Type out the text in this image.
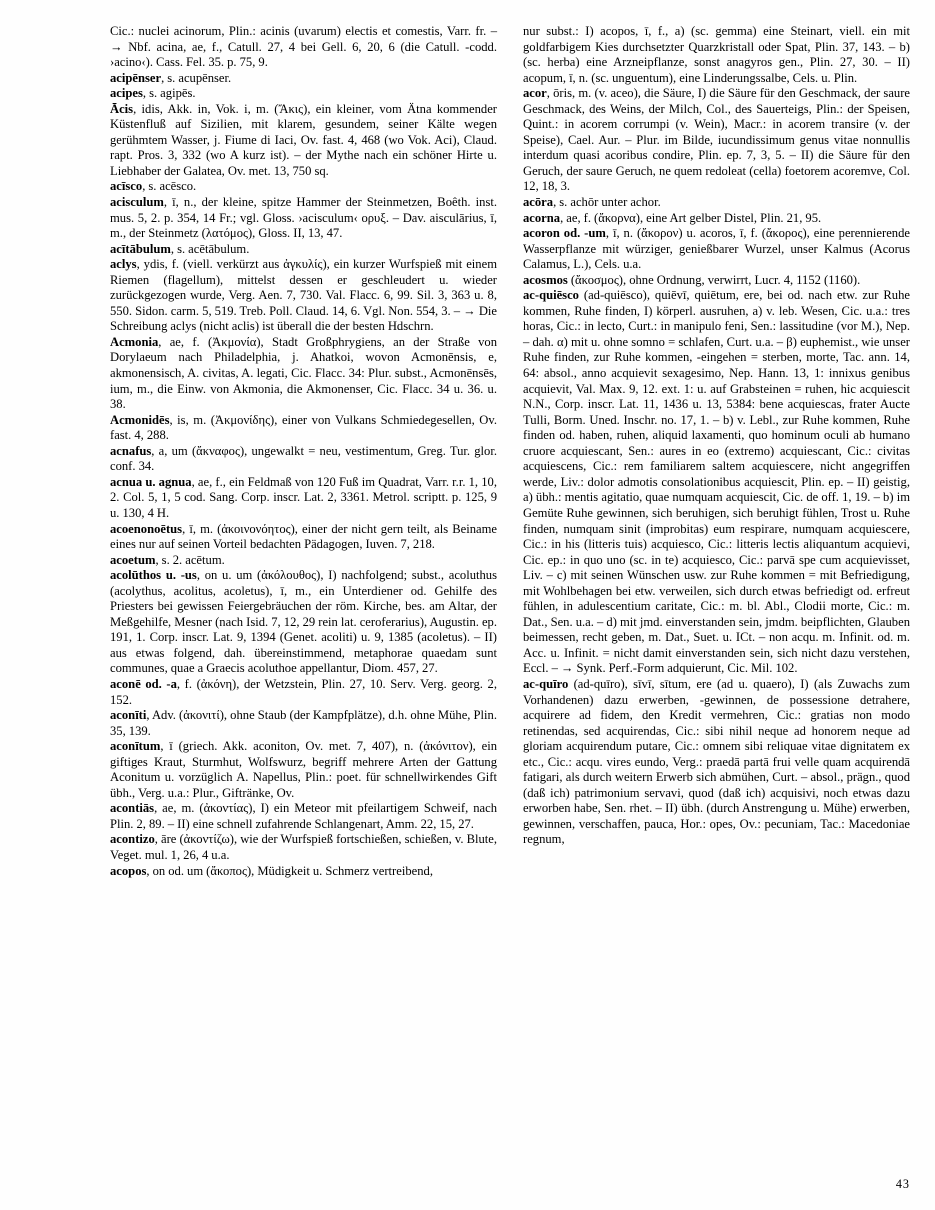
Cic.: nuclei acinorum, Plin.: acinis (uvarum) electis et comestis, Varr. fr. – → Nbf. acina, ae, f., Catull. 27, 4 bei Gell. 6, 20, 6 (die Catull. -codd. ›acino‹). Cass. Fel. 35. p. 75, 9.

acipēnser, s. acupēnser.

acipes, s. agipēs.

Ācis, idis, Akk. in, Vok. i, m. (Ἄκις), ein kleiner, vom Ätna kommender Küstenfluß auf Sizilien, mit klarem, gesundem, seiner Kälte wegen gerühmtem Wasser, j. Fiume di Iaci, Ov. fast. 4, 468 (wo Vok. Aci), Claud. rapt. Pros. 3, 332 (wo A kurz ist). – der Mythe nach ein schöner Hirte u. Liebhaber der Galatea, Ov. met. 13, 750 sq.

acīsco, s. acēsco.

acisculum, ī, n., der kleine, spitze Hammer der Steinmetzen, Boêth. inst. mus. 5, 2. p. 354, 14 Fr.; vgl. Gloss. ›acisculum‹ ορυξ. – Dav. aisculārius, ī, m., der Steinmetz (λατόμος), Gloss. II, 13, 47.

acītābulum, s. acētābulum.

aclys, ydis, f. (viell. verkürzt aus ἀγκυλίς), ein kurzer Wurfspieß mit einem Riemen (flagellum), mittelst dessen er geschleudert u. wieder zurückgezogen wurde, Verg. Aen. 7, 730. Val. Flacc. 6, 99. Sil. 3, 363 u. 8, 550. Sidon. carm. 5, 519. Treb. Poll. Claud. 14, 6. Vgl. Non. 554, 3. – → Die Schreibung aclys (nicht aclis) ist überall die der besten Hdschrn.

Acmonia, ae, f. (Ἀκμονία), Stadt Großphrygiens, an der Straße von Dorylaeum nach Philadelphia, j. Ahatkoi, wovon Acmonēnsis, e, akmonensisch, A. civitas, A. legati, Cic. Flacc. 34: Plur. subst., Acmonēnsēs, ium, m., die Einw. von Akmonia, die Akmonenser, Cic. Flacc. 34 u. 36. u. 38.

Acmonidēs, is, m. (Ἀκμονίδης), einer von Vulkans Schmiedegesellen, Ov. fast. 4, 288.

acnafus, a, um (ἄκναφος), ungewalkt = neu, vestimentum, Greg. Tur. glor. conf. 34.

acnua u. agnua, ae, f., ein Feldmaß von 120 Fuß im Quadrat, Varr. r.r. 1, 10, 2. Col. 5, 1, 5 cod. Sang. Corp. inscr. Lat. 2, 3361. Metrol. scriptt. p. 125, 9 u. 130, 4 H.

acoenonoētus, ī, m. (ἀκοινονόητος), einer der nicht gern teilt, als Beiname eines nur auf seinen Vorteil bedachten Pädagogen, Iuven. 7, 218.

acoetum, s. 2. acētum.

acolūthos u. -us, on u. um (ἀκόλουθος), I) nachfolgend; subst., acoluthus (acolythus, acolitus, acoletus), ī, m., ein Unterdiener od. Gehilfe des Priesters bei gewissen Feiergebräuchen der röm. Kirche, bes. am Altar, der Meßgehilfe, Mesner (nach Isid. 7, 12, 29 rein lat. ceroferarius), Augustin. ep. 191, 1. Corp. inscr. Lat. 9, 1394 (Genet. acoliti) u. 9, 1385 (acoletus). – II) aus etwas folgend, dah. übereinstimmend, metaphorae quaedam sunt communes, quae a Graecis acoluthoe appellantur, Diom. 457, 27.

aconē od. -a, f. (ἀκόνη), der Wetzstein, Plin. 27, 10. Serv. Verg. georg. 2, 152.

aconīti, Adv. (ἀκονιτί), ohne Staub (der Kampfplätze), d.h. ohne Mühe, Plin. 35, 139.

aconītum, ī (griech. Akk. aconiton, Ov. met. 7, 407), n. (ἀκόνιτον), ein giftiges Kraut, Sturmhut, Wolfswurz, begriff mehrere Arten der Gattung Aconitum u. vorzüglich A. Napellus, Plin.: poet. für schnellwirkendes Gift übh., Verg. u.a.: Plur., Giftränke, Ov.

acontiās, ae, m. (ἀκοντίας), I) ein Meteor mit pfeilartigem Schweif, nach Plin. 2, 89. – II) eine schnell zufahrende Schlangenart, Amm. 22, 15, 27.

acontizo, āre (ἀκοντίζω), wie der Wurfspieß fortschießen, schießen, v. Blute, Veget. mul. 1, 26, 4 u.a.

acopos, on od. um (ἄκοπος), Müdigkeit u. Schmerz vertreibend,

nur subst.: I) acopos, ī, f., a) (sc. gemma) eine Steinart, viell. ein mit goldfarbigem Kies durchsetzter Quarzkristall oder Spat, Plin. 37, 143. – b) (sc. herba) eine Arzneipflanze, sonst anagyros gen., Plin. 27, 30. – II) acopum, ī, n. (sc. unguentum), eine Linderungssalbe, Cels. u. Plin.

acor, ōris, m. (v. aceo), die Säure, I) die Säure für den Geschmack, der saure Geschmack, des Weins, der Milch, Col., des Sauerteigs, Plin.: der Speisen, Quint.: in acorem corrumpi (v. Wein), Macr.: in acorem transire (v. der Speise), Cael. Aur. – Plur. im Bilde, iucundissimum genus vitae nonnullis interdum quasi acoribus condire, Plin. ep. 7, 3, 5. – II) die Säure für den Geruch, der saure Geruch, ne quem redoleat (cella) foetorem acoremve, Col. 12, 18, 3.

acōra, s. achōr unter achor.

acorna, ae, f. (ἄκορνα), eine Art gelber Distel, Plin. 21, 95.

acoron od. -um, ī, n. (ἄκορον) u. acoros, ī, f. (ἄκορος), eine perennierende Wasserpflanze mit würziger, genießbarer Wurzel, unser Kalmus (Acorus Calamus, L.), Cels. u.a.

acosmos (ἄκοσμος), ohne Ordnung, verwirrt, Lucr. 4, 1152 (1160).

ac-quiēsco (ad-quiēsco), quiēvī, quiētum, ere, bei od. nach etw. zur Ruhe kommen, Ruhe finden, I) körperl. ausruhen, a) v. leb. Wesen, Cic. u.a.: tres horas, Cic.: in lecto, Curt.: in manipulo feni, Sen.: lassitudine (vor M.), Nep. – dah. α) mit u. ohne somno = schlafen, Curt. u.a. – β) euphemist., wie unser Ruhe finden, zur Ruhe kommen, -eingehen = sterben, morte, Tac. ann. 14, 64: absol., anno acquievit sexagesimo, Nep. Hann. 13, 1: innixus genibus acquievit, Val. Max. 9, 12. ext. 1: u. auf Grabsteinen = ruhen, hic acquiescit N.N., Corp. inscr. Lat. 11, 1436 u. 13, 5384: bene acquiescas, frater Aucte Tulli, Borm. Uned. Inschr. no. 17, 1. – b) v. Lebl., zur Ruhe kommen, Ruhe finden od. haben, ruhen, aliquid laxamenti, quo hominum oculi ab humano cruore acquiescant, Sen.: aures in eo (extremo) acquiescant, Cic.: civitas acquiescens, Cic.: rem familiarem saltem acquiescere, nicht angegriffen werde, Liv.: dolor admotis consolationibus acquiescit, Plin. ep. – II) geistig, a) übh.: mentis agitatio, quae numquam acquiescit, Cic. de off. 1, 19. – b) im Gemüte Ruhe gewinnen, sich beruhigen, sich beruhigt fühlen, Trost u. Ruhe finden, numquam sinit (improbitas) eum respirare, numquam acquiescere, Cic.: in his (litteris tuis) acquiesco, Cic.: litteris lectis aliquantum acquievi, Cic. ep.: in quo uno (sc. in te) acquiesco, Cic.: parvā spe cum acquievisset, Liv. – c) mit seinen Wünschen usw. zur Ruhe kommen = mit Befriedigung, mit Wohlbehagen bei etw. verweilen, sich durch etwas befriedigt od. erfreut fühlen, in adulescentium caritate, Cic.: m. bl. Abl., Clodii morte, Cic.: m. Dat., Sen. u.a. – d) mit jmd. einverstanden sein, jmdm. beipflichten, Glauben beimessen, recht geben, m. Dat., Suet. u. ICt. – non acqu. m. Infinit. od. m. Acc. u. Infinit. = nicht damit einverstanden sein, sich nicht dazu verstehen, Eccl. – → Synk. Perf.-Form adquierunt, Cic. Mil. 102.

ac-quīro (ad-quīro), sīvī, sītum, ere (ad u. quaero), I) (als Zuwachs zum Vorhandenen) dazu erwerben, -gewinnen, de possessione detrahere, acquirere ad fidem, den Kredit vermehren, Cic.: gratias non modo retinendas, sed acquirendas, Cic.: sibi nihil neque ad honorem neque ad gloriam acquirendum putare, Cic.: omnem sibi reliquae vitae dignitatem ex etc., Cic.: acqu. vires eundo, Verg.: praedā partā frui velle quam acquirendā fatigari, als durch weitern Erwerb sich abmühen, Curt. – absol., prägn., quod (daß ich) patrimonium servavi, quod (daß ich) acquisivi, noch etwas dazu erworben habe, Sen. rhet. – II) übh. (durch Anstrengung u. Mühe) erwerben, gewinnen, verschaffen, pauca, Hor.: opes, Ov.: pecuniam, Tac.: Macedoniae regnum,

43
